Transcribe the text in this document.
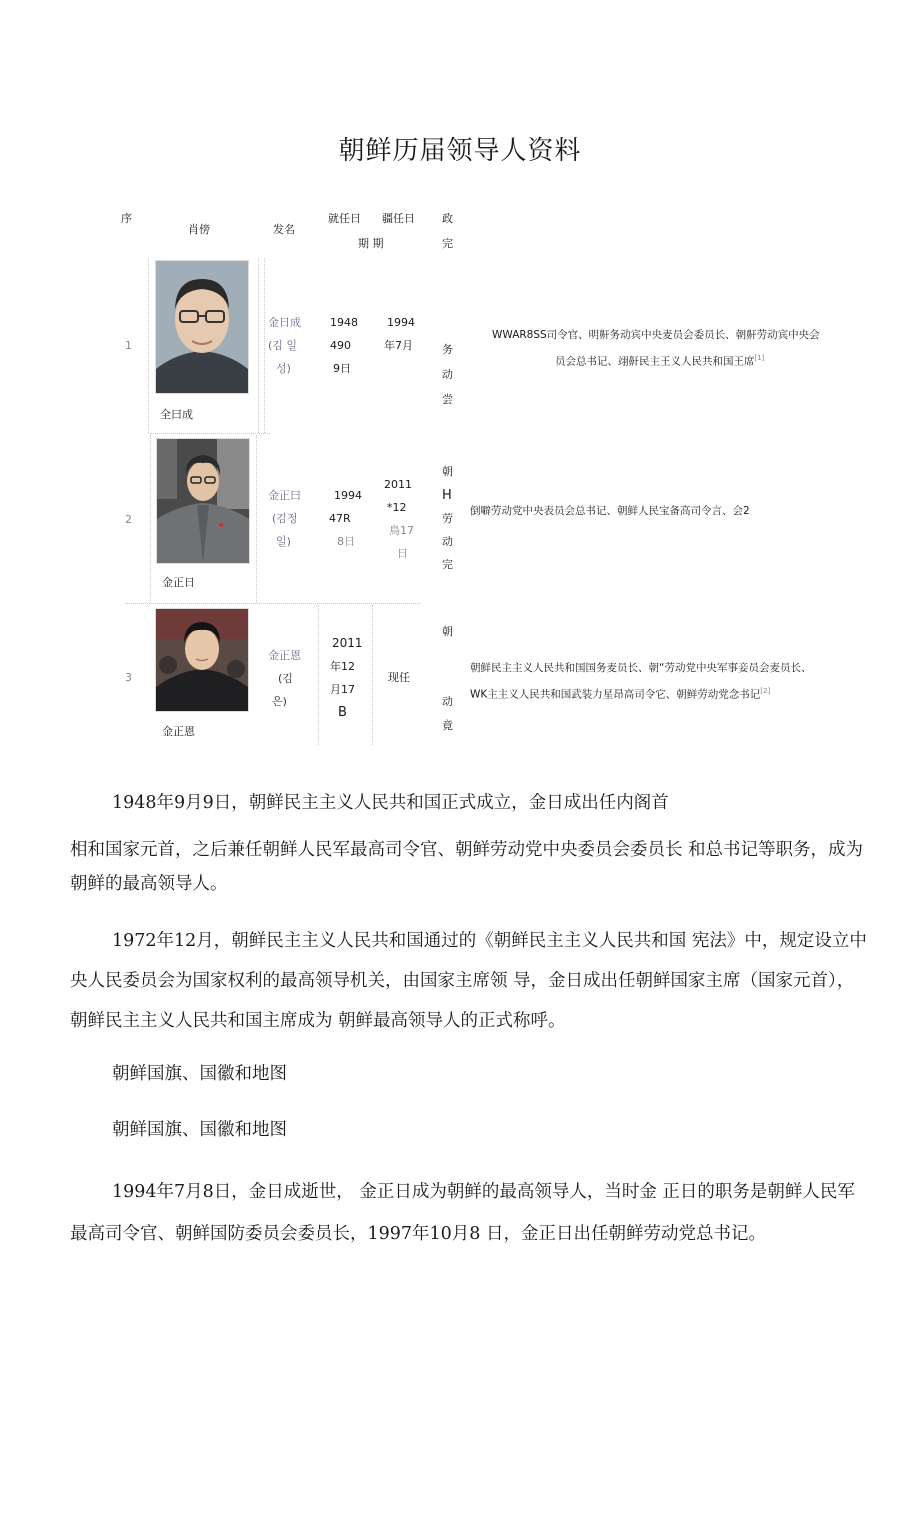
朝鲜历届领导人资料
序
肖傍	发名
就任日 疆任日
期 期
政
完
1
全曰成
金日成
(김 일
성)
1948
490
9日
1994
年7月	务
动
尝
WWAR8SS司令官、明鼾务动宾中央麦员会委员长、朝鼾劳动宾中央会
员会总书记、翊鼾民主王义人民共和国王席[1]
2
金正日
金正曰
(김정
일)
1994
47R
8日
2011
*12
鳥17
日
朝
H
劳
动
完
倒噼劳动党中央表员会总书记、朝鲜人民宝备高司令言、会2
3
金正恩
金正恩
(김
은)
2011
年12
月17
B
现任
朝
动
竟
朝鲜民主主义人民共和国国务麦员长、朝“劳动党中央军事妾员会麦员长、
WK主主义人民共和国武装力星昂高司令它、朝鲜劳动党念书记[2]

1948年9月9日，朝鲜民主主义人民共和国正式成立，金日成出任内阁首

相和国家元首，之后兼任朝鲜人民军最高司令官、朝鲜劳动党中央委员会委员长 和总书记等职务，成为朝鲜的最高领导人。

1972年12月，朝鲜民主主义人民共和国通过的《朝鲜民主主义人民共和国 宪法》中，规定设立中央人民委员会为国家权利的最高领导机关，由国家主席领 导，金日成出任朝鲜国家主席（国家元首），朝鲜民主主义人民共和国主席成为 朝鲜最高领导人的正式称呼。

朝鲜国旗、国徽和地图

朝鲜国旗、国徽和地图

1994年7月8日，金日成逝世， 金正日成为朝鲜的最高领导人，当时金 正日的职务是朝鲜人民军最高司令官、朝鲜国防委员会委员长，1997年10月8 日，金正日出任朝鲜劳动党总书记。
